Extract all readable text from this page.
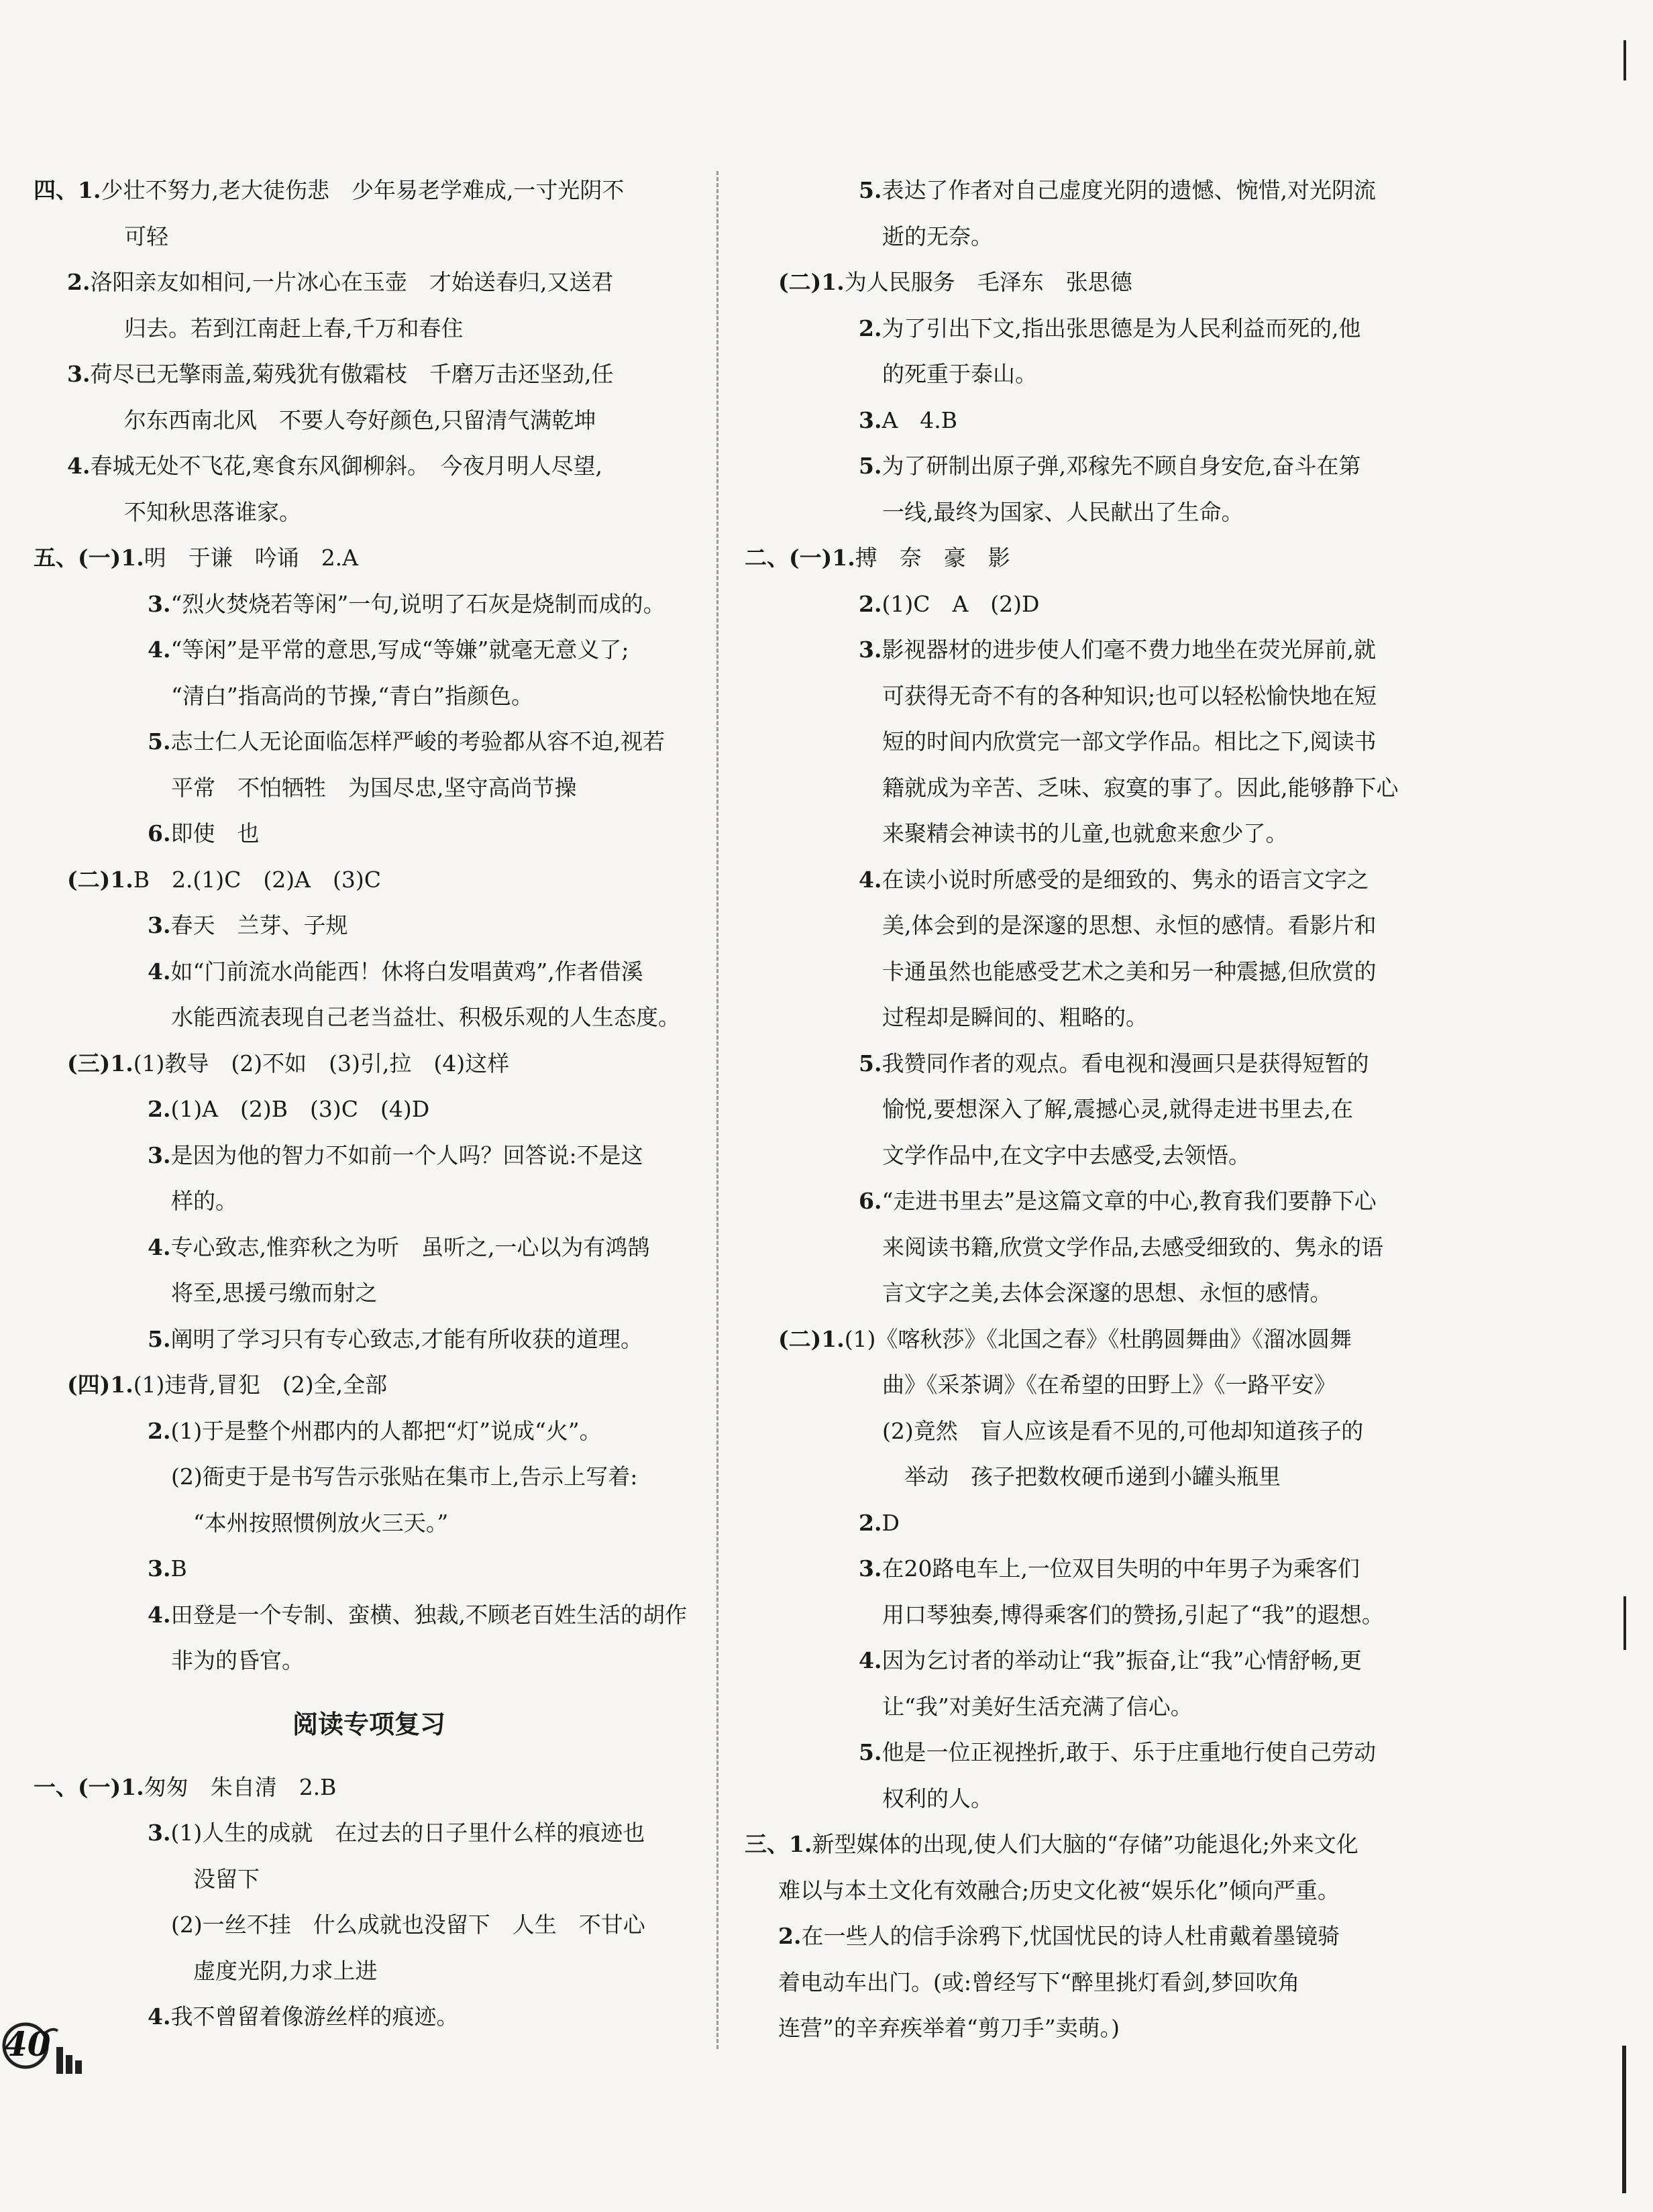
四、1.少壮不努力,老大徒伤悲　少年易老学难成,一寸光阴不
可轻
2.洛阳亲友如相问,一片冰心在玉壶　才始送春归,又送君
归去。若到江南赶上春,千万和春住
3.荷尽已无擎雨盖,菊残犹有傲霜枝　千磨万击还坚劲,任
尔东西南北风　不要人夸好颜色,只留清气满乾坤
4.春城无处不飞花,寒食东风御柳斜。　今夜月明人尽望,
不知秋思落谁家。
五、(一)1.明　于谦　吟诵　2.A
3.“烈火焚烧若等闲”一句,说明了石灰是烧制而成的。
4.“等闲”是平常的意思,写成“等嫌”就毫无意义了;
“清白”指高尚的节操,“青白”指颜色。
5.志士仁人无论面临怎样严峻的考验都从容不迫,视若
平常　不怕牺牲　为国尽忠,坚守高尚节操
6.即使　也
(二)1.B　2.(1)C　(2)A　(3)C
3.春天　兰芽、子规
4.如“门前流水尚能西！休将白发唱黄鸡”,作者借溪
水能西流表现自己老当益壮、积极乐观的人生态度。
(三)1.(1)教导　(2)不如　(3)引,拉　(4)这样
2.(1)A　(2)B　(3)C　(4)D
3.是因为他的智力不如前一个人吗？回答说:不是这
样的。
4.专心致志,惟弈秋之为听　虽听之,一心以为有鸿鹄
将至,思援弓缴而射之
5.阐明了学习只有专心致志,才能有所收获的道理。
(四)1.(1)违背,冒犯　(2)全,全部
2.(1)于是整个州郡内的人都把“灯”说成“火”。
(2)衙吏于是书写告示张贴在集市上,告示上写着:
　“本州按照惯例放火三天。”
3.B
4.田登是一个专制、蛮横、独裁,不顾老百姓生活的胡作
非为的昏官。
阅读专项复习
一、(一)1.匆匆　朱自清　2.B
3.(1)人生的成就　在过去的日子里什么样的痕迹也
　没留下
(2)一丝不挂　什么成就也没留下　人生　不甘心
　虚度光阴,力求上进
4.我不曾留着像游丝样的痕迹。
5.表达了作者对自己虚度光阴的遗憾、惋惜,对光阴流
逝的无奈。
(二)1.为人民服务　毛泽东　张思德
2.为了引出下文,指出张思德是为人民利益而死的,他
的死重于泰山。
3.A　4.B
5.为了研制出原子弹,邓稼先不顾自身安危,奋斗在第
一线,最终为国家、人民献出了生命。
二、(一)1.搏　奈　豪　影
2.(1)C　A　(2)D
3.影视器材的进步使人们毫不费力地坐在荧光屏前,就
可获得无奇不有的各种知识;也可以轻松愉快地在短
短的时间内欣赏完一部文学作品。相比之下,阅读书
籍就成为辛苦、乏味、寂寞的事了。因此,能够静下心
来聚精会神读书的儿童,也就愈来愈少了。
4.在读小说时所感受的是细致的、隽永的语言文字之
美,体会到的是深邃的思想、永恒的感情。看影片和
卡通虽然也能感受艺术之美和另一种震撼,但欣赏的
过程却是瞬间的、粗略的。
5.我赞同作者的观点。看电视和漫画只是获得短暂的
愉悦,要想深入了解,震撼心灵,就得走进书里去,在
文学作品中,在文字中去感受,去领悟。
6.“走进书里去”是这篇文章的中心,教育我们要静下心
来阅读书籍,欣赏文学作品,去感受细致的、隽永的语
言文字之美,去体会深邃的思想、永恒的感情。
(二)1.(1)《喀秋莎》《北国之春》《杜鹃圆舞曲》《溜冰圆舞
曲》《采茶调》《在希望的田野上》《一路平安》
(2)竟然　盲人应该是看不见的,可他却知道孩子的
　举动　孩子把数枚硬币递到小罐头瓶里
2.D
3.在20路电车上,一位双目失明的中年男子为乘客们
用口琴独奏,博得乘客们的赞扬,引起了“我”的遐想。
4.因为乞讨者的举动让“我”振奋,让“我”心情舒畅,更
让“我”对美好生活充满了信心。
5.他是一位正视挫折,敢于、乐于庄重地行使自己劳动
权利的人。
三、1.新型媒体的出现,使人们大脑的“存储”功能退化;外来文化
难以与本土文化有效融合;历史文化被“娱乐化”倾向严重。
2.在一些人的信手涂鸦下,忧国忧民的诗人杜甫戴着墨镜骑
着电动车出门。(或:曾经写下“醉里挑灯看剑,梦回吹角
连营”的辛弃疾举着“剪刀手”卖萌。)
40
